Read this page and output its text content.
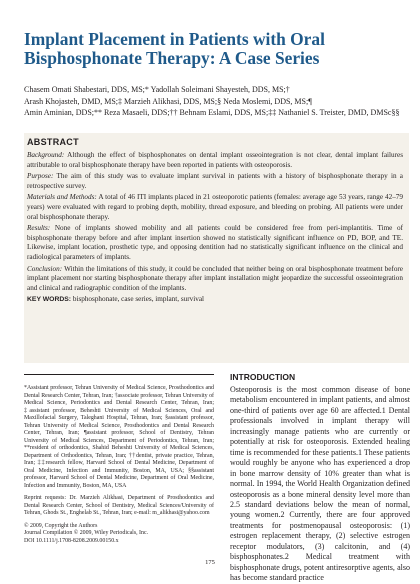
Implant Placement in Patients with Oral
Bisphosphonate Therapy: A Case Series
Chasem Omati Shabestari, DDS, MS;* Yadollah Soleimani Shayesteh, DDS, MS;†
Arash Khojasteh, DMD, MS;‡ Marzieh Alikhasi, DDS, MS;§ Neda Moslemi, DDS, MS;¶
Amin Aminian, DDS;** Reza Masaeli, DDS;†† Behnam Eslami, DDS, MS;‡‡ Nathaniel S. Treister, DMD, DMSc§§
ABSTRACT

Background: Although the effect of bisphosphonates on dental implant osseointegration is not clear, dental implant failures attributable to oral bisphosphonate therapy have been reported in patients with osteoporosis.

Purpose: The aim of this study was to evaluate implant survival in patients with a history of bisphosphonate therapy in a retrospective survey.

Materials and Methods: A total of 46 ITI implants placed in 21 osteoporotic patients (females: average age 53 years, range 42–79 years) were evaluated with regard to probing depth, mobility, thread exposure, and bleeding on probing. All patients were under oral bisphosphonate therapy.

Results: None of implants showed mobility and all patients could be considered free from peri-implantitis. Time of bisphosphonate therapy before and after implant insertion showed no statistically significant influence on PD, BOP, and TE. Likewise, implant location, prosthetic type, and opposing dentition had no statistically significant influence on the clinical and radiological parameters of implants.

Conclusion: Within the limitations of this study, it could be concluded that neither being on oral bisphosphonate treatment before implant placement nor starting bisphosphonate therapy after implant installation might jeopardize the successful osseointegration and clinical and radiographic condition of the implants.

KEY WORDS: bisphosphonate, case series, implant, survival

*Assistant professor, Tehran University of Medical Science, Prosthodontics and Dental Research Center, Tehran, Iran; †associate professor, Tehran University of Medical Science, Periodontics and Dental Research Center, Tehran, Iran; ‡assistant professor, Beheshti University of Medical Sciences, Oral and Maxillofacial Surgery, Taleghani Hospital, Tehran, Iran; §assistant professor, Tehran University of Medical Science, Prosthodontics and Dental Research Center, Tehran, Iran; ¶assistant professor, School of Dentistry, Tehran University of Medical Sciences, Department of Periodontics, Tehran, Iran; **resident of orthodontics, Shahid Beheshti University of Medical Sciences, Department of Orthodontics, Tehran, Iran; ††dentist, private practice, Tehran, Iran; ‡‡research fellow, Harvard School of Dental Medicine, Department of Oral Medicine, Infection and Immunity, Boston, MA, USA; §§assistant professor, Harvard School of Dental Medicine, Department of Oral Medicine, Infection and Immunity, Boston, MA, USA

Reprint requests: Dr. Marzieh Alikhasi, Department of Prosthodontics and Dental Research Center, School of Dentistry, Medical Sciences/University of Tehran, Ghods St., Enghelab St., Tehran, Iran; e-mail: m_alikhasi@yahoo.com

© 2009, Copyright the Authors
Journal Compilation © 2009, Wiley Periodicals, Inc.
DOI 10.1111/j.1708-8208.2009.00150.x

INTRODUCTION

Osteoporosis is the most common disease of bone metabolism encountered in implant patients, and almost one-third of patients over age 60 are affected.1 Dental professionals involved in implant therapy will increasingly manage patients who are currently or potentially at risk for osteoporosis. Extended healing time is recommended for these patients.1 These patients would roughly be anyone who has experienced a drop in bone marrow density of 10% greater than what is normal. In 1994, the World Health Organization defined osteoporosis as a bone mineral density level more than 2.5 standard deviations below the mean of normal, young women.2 Currently, there are four approved treatments for postmenopausal osteoporosis: (1) estrogen replacement therapy, (2) selective estrogen receptor modulators, (3) calcitonin, and (4) bisphosphonates.2 Medical treatment with bisphosphonate drugs, potent antiresorptive agents, also has become standard practice

175
